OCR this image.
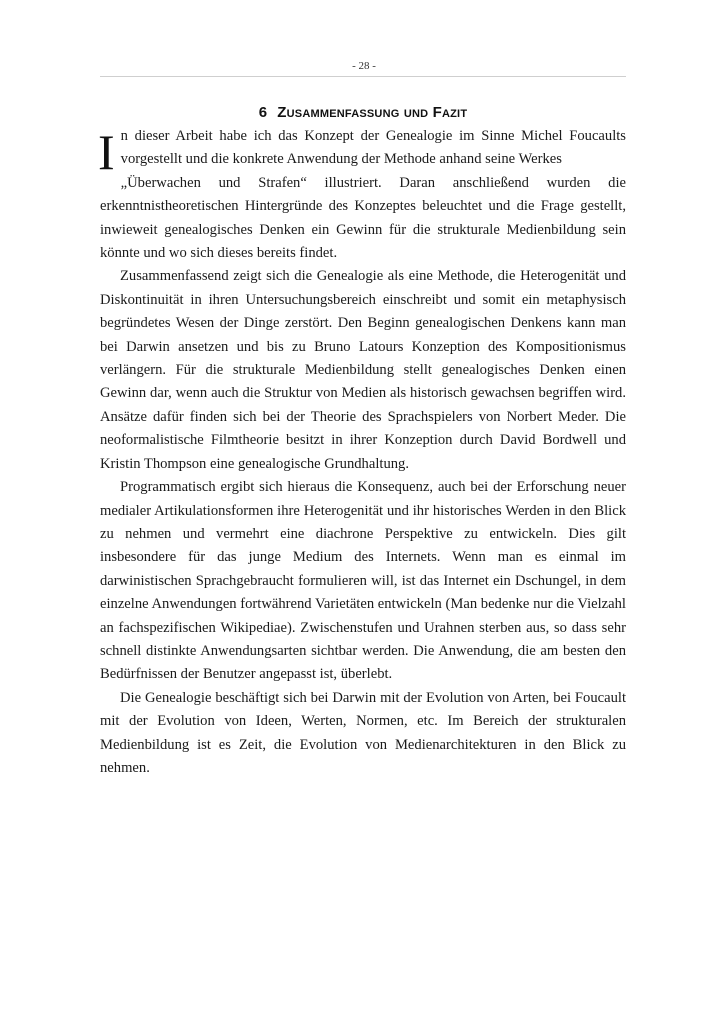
- 28 -
6 Zusammenfassung und Fazit

In dieser Arbeit habe ich das Konzept der Genealogie im Sinne Michel Foucaults vorgestellt und die konkrete Anwendung der Methode anhand seine Werkes

„Überwachen und Strafen“ illustriert. Daran anschließend wurden die

erkenntnistheoretischen Hintergründe des Konzeptes beleuchtet und die Frage gestellt, inwieweit genealogisches Denken ein Gewinn für die strukturale Medienbildung sein könnte und wo sich dieses bereits findet.

Zusammenfassend zeigt sich die Genealogie als eine Methode, die Heterogenität und Diskontinuität in ihren Untersuchungsbereich einschreibt und somit ein metaphysisch begründetes Wesen der Dinge zerstört. Den Beginn genealogischen Denkens kann man bei Darwin ansetzen und bis zu Bruno Latours Konzeption des Kompositionismus verlängern. Für die strukturale Medienbildung stellt genealogisches Denken einen Gewinn dar, wenn auch die Struktur von Medien als historisch gewachsen begriffen wird. Ansätze dafür finden sich bei der Theorie des Sprachspielers von Norbert Meder. Die neoformalistische Filmtheorie besitzt in ihrer Konzeption durch David Bordwell und Kristin Thompson eine genealogische Grundhaltung.

Programmatisch ergibt sich hieraus die Konsequenz, auch bei der Erforschung neuer medialer Artikulationsformen ihre Heterogenität und ihr historisches Werden in den Blick zu nehmen und vermehrt eine diachrone Perspektive zu entwickeln. Dies gilt insbesondere für das junge Medium des Internets. Wenn man es einmal im darwinistischen Sprachgebraucht formulieren will, ist das Internet ein Dschungel, in dem einzelne Anwendungen fortwährend Varietäten entwickeln (Man bedenke nur die Vielzahl an fachspezifischen Wikipediae). Zwischenstufen und Urahnen sterben aus, so dass sehr schnell distinkte Anwendungsarten sichtbar werden. Die Anwendung, die am besten den Bedürfnissen der Benutzer angepasst ist, überlebt.

Die Genealogie beschäftigt sich bei Darwin mit der Evolution von Arten, bei Foucault mit der Evolution von Ideen, Werten, Normen, etc. Im Bereich der strukturalen Medienbildung ist es Zeit, die Evolution von Medienarchitekturen in den Blick zu nehmen.
